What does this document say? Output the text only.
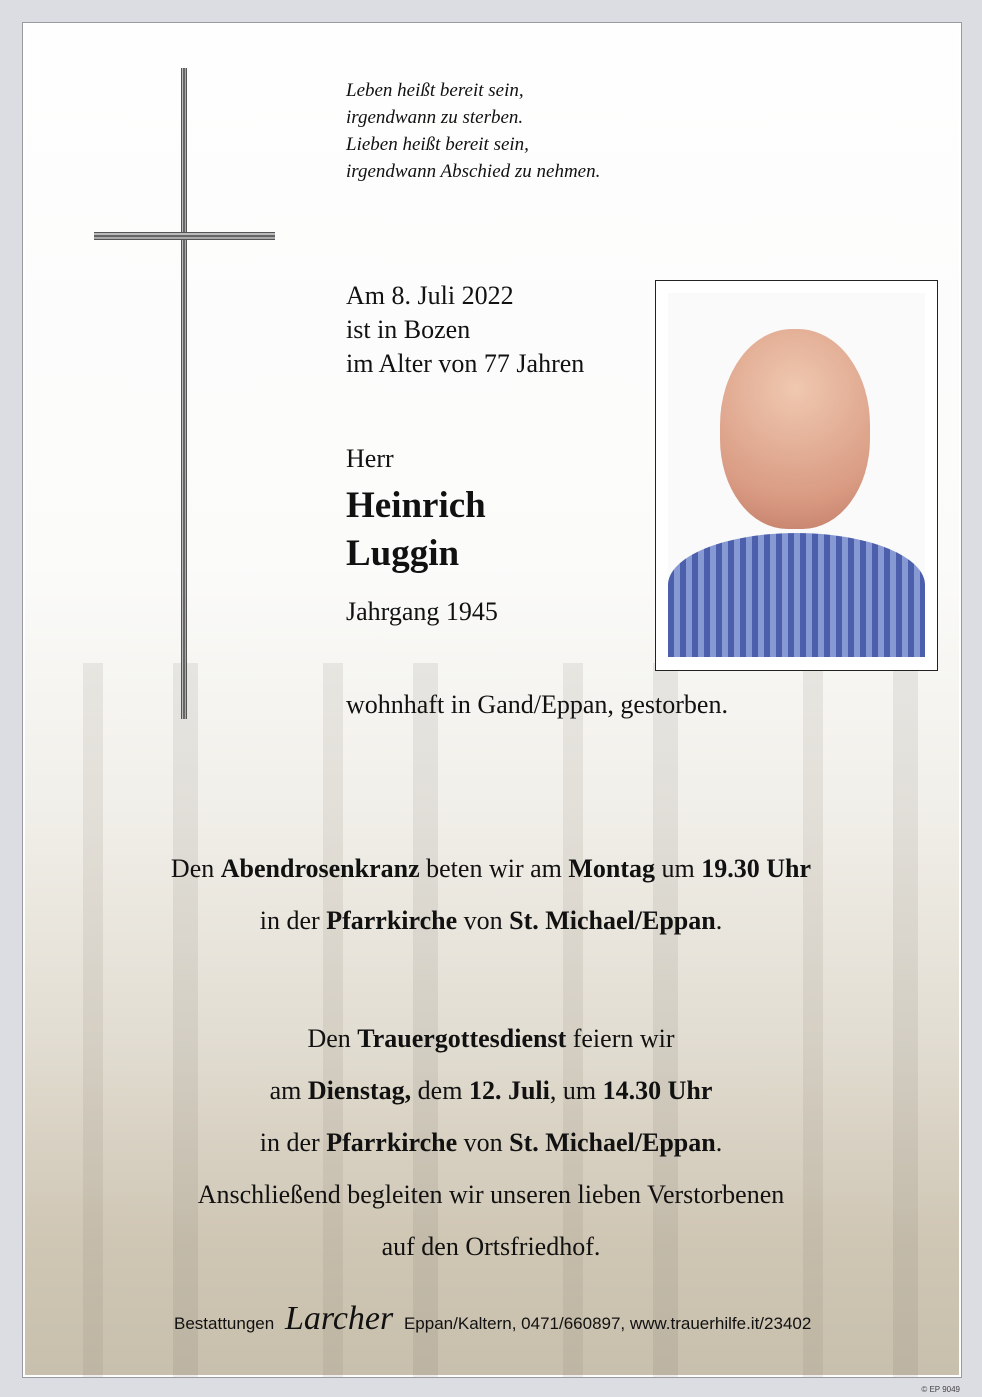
Leben heißt bereit sein,
irgendwann zu sterben.
Lieben heißt bereit sein,
irgendwann Abschied zu nehmen.
Am 8. Juli 2022
ist in Bozen
im Alter von 77 Jahren
Herr
Heinrich
Luggin
Jahrgang 1945
wohnhaft in Gand/Eppan, gestorben.
Den Abendrosenkranz beten wir am Montag um 19.30 Uhr
in der Pfarrkirche von St. Michael/Eppan.
Den Trauergottesdienst feiern wir
am Dienstag, dem 12. Juli, um 14.30 Uhr
in der Pfarrkirche von St. Michael/Eppan.
Anschließend begleiten wir unseren lieben Verstorbenen
auf den Ortsfriedhof.
Bestattungen Larcher Eppan/Kaltern, 0471/660897, www.trauerhilfe.it/23402
© EP 9049
